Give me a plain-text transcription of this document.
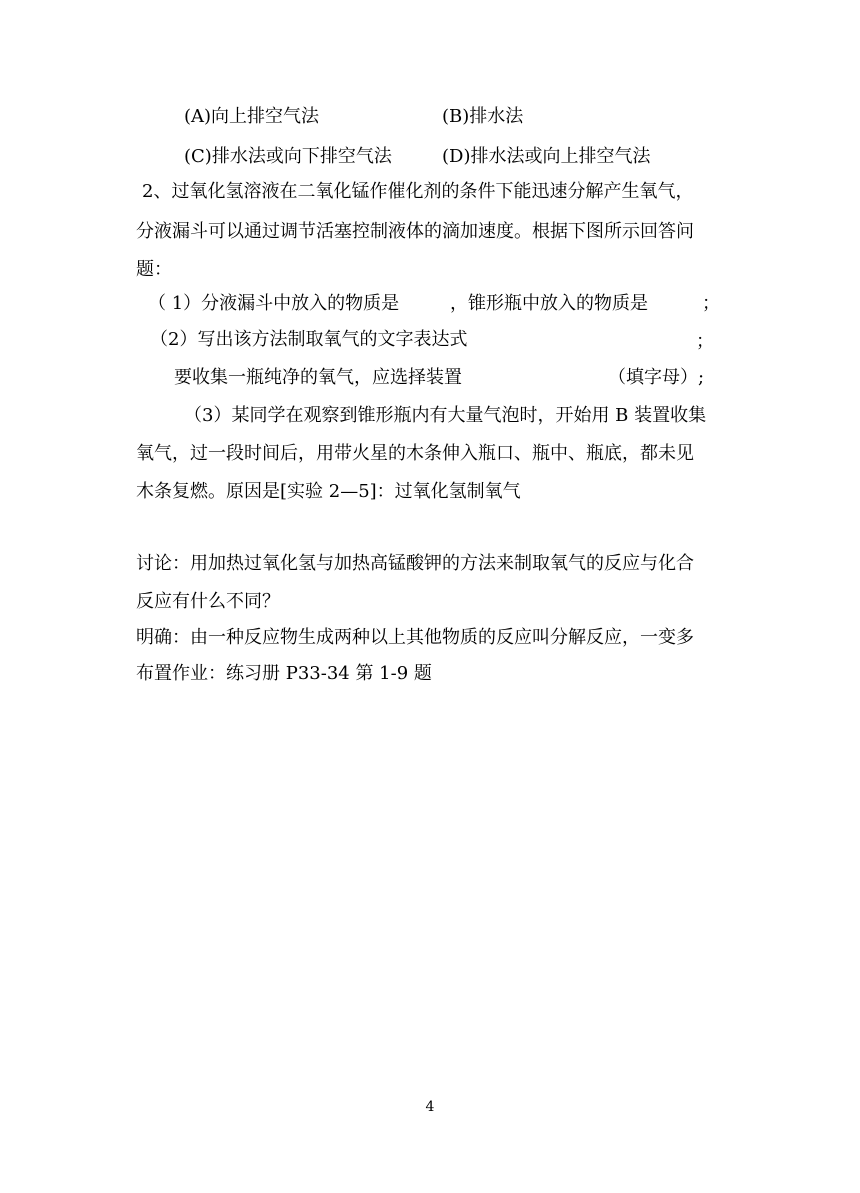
(A)向上排空气法	(B)排水法
(C)排水法或向下排空气法	(D)排水法或向上排空气法
2、过氧化氢溶液在二氧化锰作催化剂的条件下能迅速分解产生氧气，
分液漏斗可以通过调节活塞控制液体的滴加速度。根据下图所示回答问
题：
（ 1）分液漏斗中放入的物质是	，锥形瓶中放入的物质是	；
（2）写出该方法制取氧气的文字表达式	；
要收集一瓶纯净的氧气，应选择装置	（填字母）;
（3）某同学在观察到锥形瓶内有大量气泡时，开始用 B 装置收集
氧气，过一段时间后，用带火星的木条伸入瓶口、瓶中、瓶底，都未见
木条复燃。原因是[实验 2—5]：过氧化氢制氧气
讨论：用加热过氧化氢与加热高锰酸钾的方法来制取氧气的反应与化合
反应有什么不同？
明确：由一种反应物生成两种以上其他物质的反应叫分解反应，一变多
布置作业：练习册 P33-34 第 1-9 题
4
